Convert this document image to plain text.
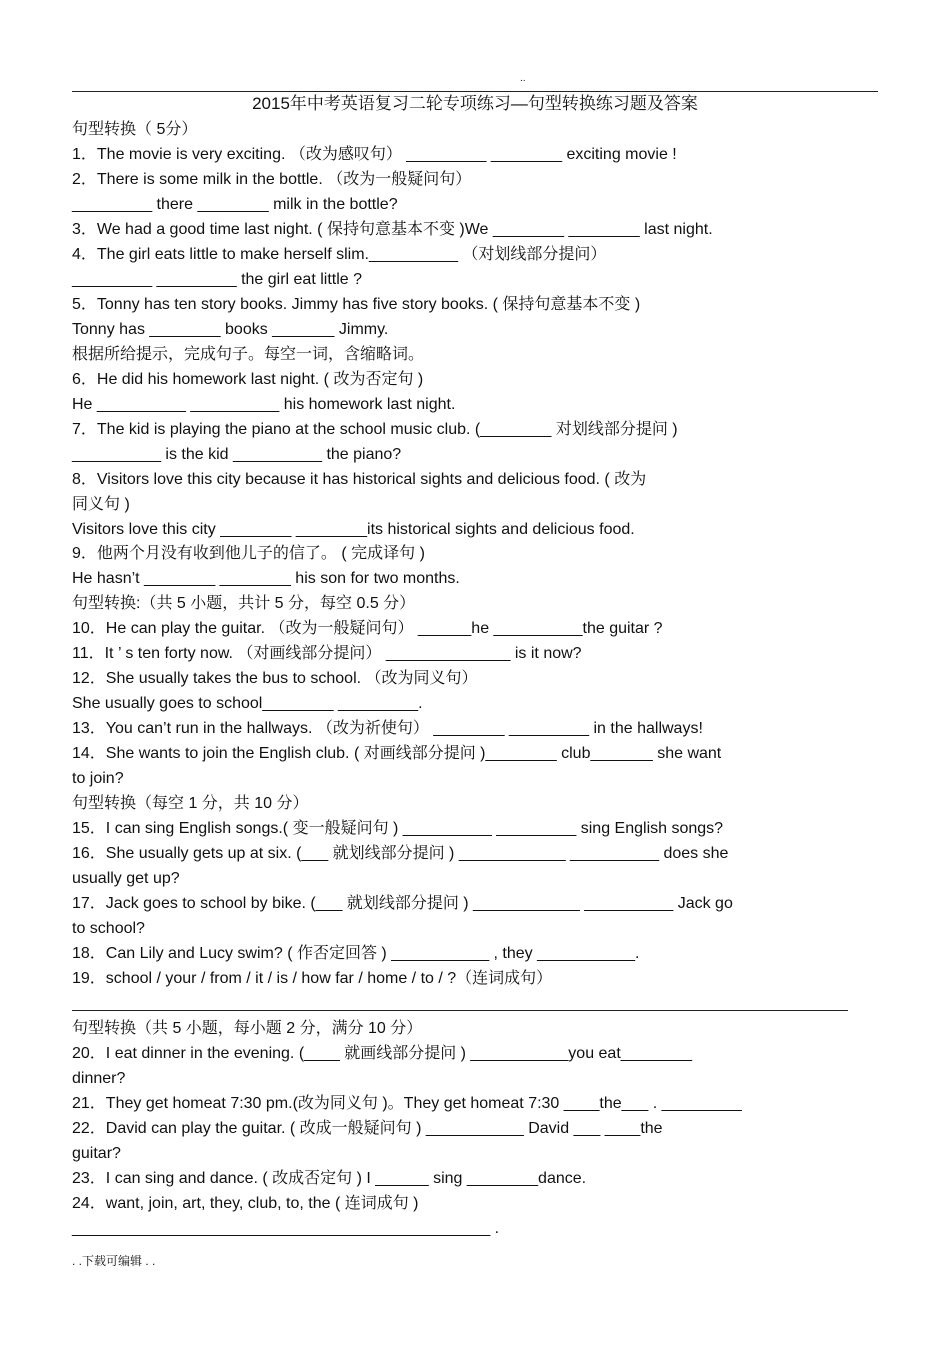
..
2015年中考英语复习二轮专项练习—句型转换练习题及答案
句型转换（ 5分）
1．The movie is very exciting. （改为感叹句） _________ ________ exciting movie !
2．There is some milk in the bottle. （改为一般疑问句）
_________ there ________ milk in the bottle?
3．We had a good time last night. ( 保持句意基本不变 )We ________ ________ last night.
4．The girl eats little to make herself slim.__________ （对划线部分提问）
_________ _________ the girl eat little ?
5．Tonny has ten story books. Jimmy has five story books. ( 保持句意基本不变 )
Tonny has ________ books _______ Jimmy.
根据所给提示，完成句子。每空一词，含缩略词。
6．He did his homework last night. ( 改为否定句 )
He __________ __________ his homework last night.
7．The kid is playing the piano at the school music club. (________ 对划线部分提问 )
__________ is the kid __________ the piano?
8．Visitors love this city because it has historical sights and delicious food. ( 改为
同义句 )
Visitors love this city ________ ________its historical sights and delicious food.
9．他两个月没有收到他儿子的信了。 ( 完成译句 )
He hasn’t ________ ________ his son for two months.
句型转换:（共 5 小题，共计 5 分，每空 0.5 分）
10．He can play the guitar. （改为一般疑问句） ______he __________the guitar ?
11．It ’ s ten forty now. （对画线部分提问） ______________ is it now?
12．She usually takes the bus to school. （改为同义句）
She usually goes to school________ _________.
13．You can’t run in the hallways. （改为祈使句） ________ _________ in the hallways!
14．She wants to join the English club. ( 对画线部分提问 )________ club_______ she want
to join?
句型转换（每空 1 分，共 10 分）
15．I can sing English songs.( 变一般疑问句 ) __________ _________ sing English songs?
16．She usually gets up at six. (___ 就划线部分提问 ) ____________ __________ does she
usually get up?
17．Jack goes to school by bike. (___ 就划线部分提问 ) ____________ __________ Jack go
to school?
18．Can Lily and Lucy swim? ( 作否定回答 ) ___________ , they ___________.
19．school / your / from / it / is / how far / home / to / ?（连词成句）
句型转换（共 5 小题，每小题 2 分，满分 10 分）
20．I eat dinner in the evening. (____ 就画线部分提问 ) ___________you eat________
dinner?
21．They get homeat 7:30 pm.(改为同义句 )。They get homeat 7:30 ____the___ . _________
22．David can play the guitar. ( 改成一般疑问句 ) ___________ David ___ ____the
guitar?
23．I can sing and dance. ( 改成否定句 ) I ______ sing ________dance.
24．want, join, art, they, club, to, the ( 连词成句 )
_______________________________________________ .
. .下载可编辑 . .
